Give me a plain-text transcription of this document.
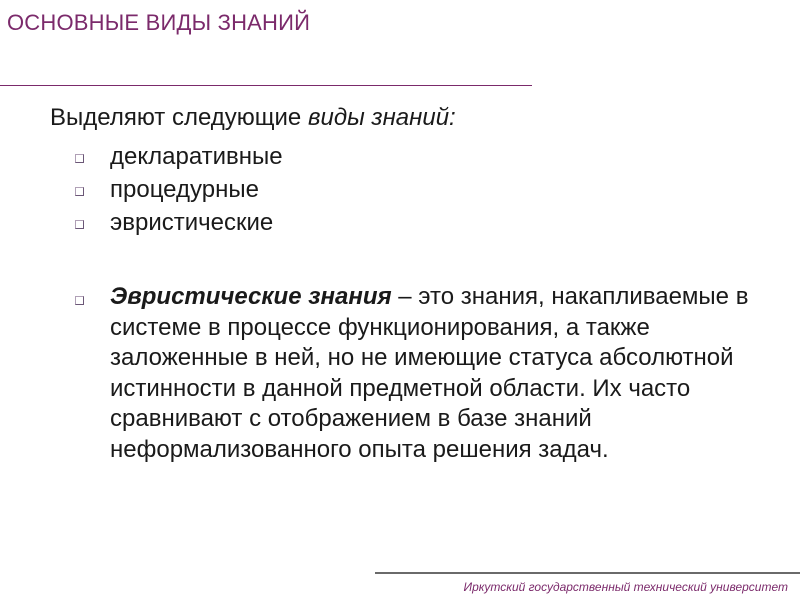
ОСНОВНЫЕ ВИДЫ ЗНАНИЙ
Выделяют следующие виды знаний:
декларативные
процедурные
эвристические
Эвристические знания – это знания, накапливаемые в системе в процессе функционирования, а также заложенные в ней, но не имеющие статуса абсолютной истинности в данной предметной области. Их часто сравнивают с отображением в базе знаний неформализованного опыта решения задач.
Иркутский государственный технический университет
